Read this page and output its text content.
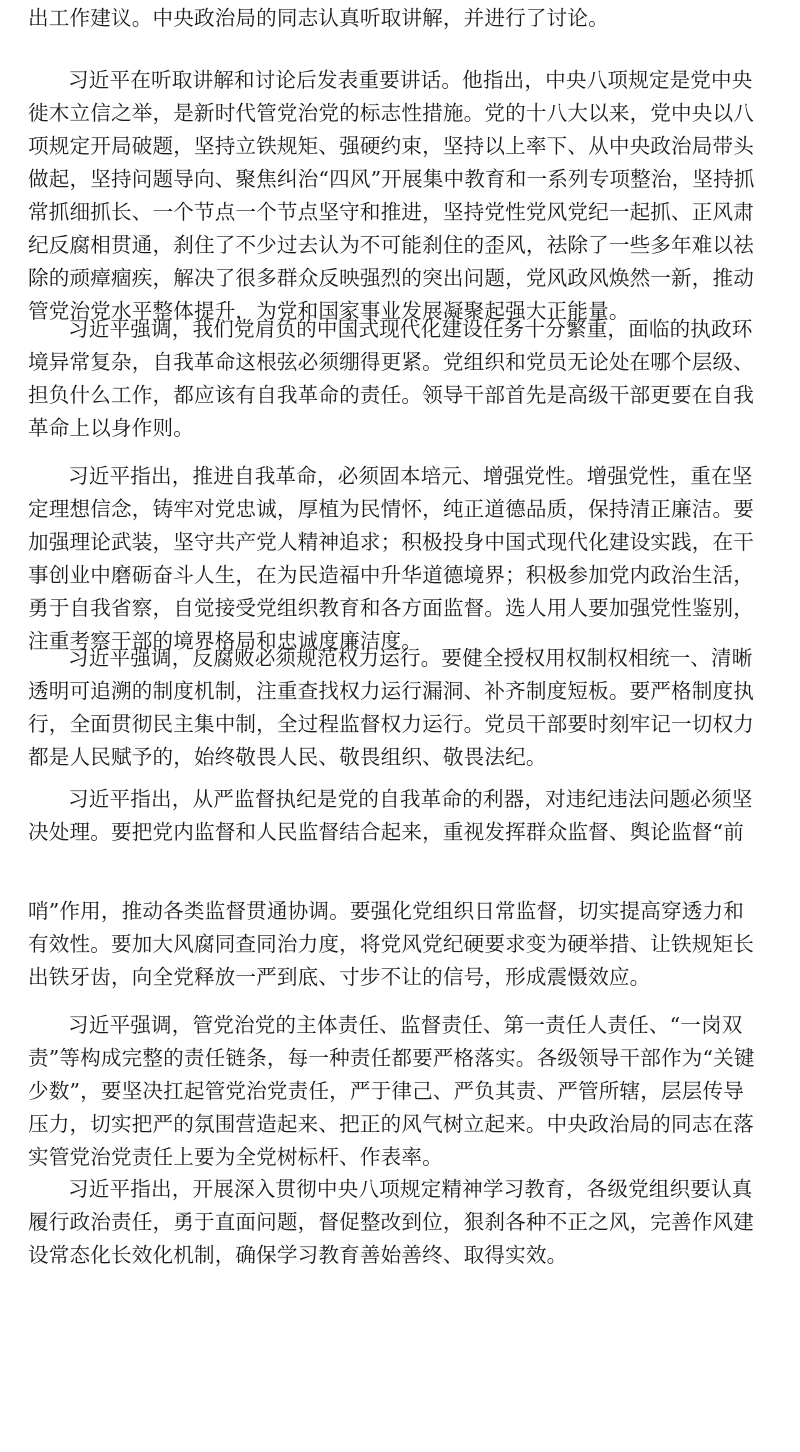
出工作建议。中央政治局的同志认真听取讲解，并进行了讨论。
习近平在听取讲解和讨论后发表重要讲话。他指出，中央八项规定是党中央
徙木立信之举，是新时代管党治党的标志性措施。党的十八大以来，党中央以八
项规定开局破题，坚持立铁规矩、强硬约束，坚持以上率下、从中央政治局带头
做起，坚持问题导向、聚焦纠治“四风”开展集中教育和一系列专项整治，坚持抓
常抓细抓长、一个节点一个节点坚守和推进，坚持党性党风党纪一起抓、正风肃
纪反腐相贯通，刹住了不少过去认为不可能刹住的歪风，祛除了一些多年难以祛
除的顽瘴痼疾，解决了很多群众反映强烈的突出问题，党风政风焕然一新，推动
管党治党水平整体提升，为党和国家事业发展凝聚起强大正能量。
习近平强调，我们党肩负的中国式现代化建设任务十分繁重，面临的执政环
境异常复杂，自我革命这根弦必须绷得更紧。党组织和党员无论处在哪个层级、
担负什么工作，都应该有自我革命的责任。领导干部首先是高级干部更要在自我
革命上以身作则。
习近平指出，推进自我革命，必须固本培元、增强党性。增强党性，重在坚
定理想信念，铸牢对党忠诚，厚植为民情怀，纯正道德品质，保持清正廉洁。要
加强理论武装，坚守共产党人精神追求；积极投身中国式现代化建设实践，在干
事创业中磨砺奋斗人生，在为民造福中升华道德境界；积极参加党内政治生活，
勇于自我省察，自觉接受党组织教育和各方面监督。选人用人要加强党性鉴别，
注重考察干部的境界格局和忠诚度廉洁度。
习近平强调，反腐败必须规范权力运行。要健全授权用权制权相统一、清晰
透明可追溯的制度机制，注重查找权力运行漏洞、补齐制度短板。要严格制度执
行，全面贯彻民主集中制，全过程监督权力运行。党员干部要时刻牢记一切权力
都是人民赋予的，始终敬畏人民、敬畏组织、敬畏法纪。
习近平指出，从严监督执纪是党的自我革命的利器，对违纪违法问题必须坚
决处理。要把党内监督和人民监督结合起来，重视发挥群众监督、舆论监督“前
哨”作用，推动各类监督贯通协调。要强化党组织日常监督，切实提高穿透力和
有效性。要加大风腐同查同治力度，将党风党纪硬要求变为硬举措、让铁规矩长
出铁牙齿，向全党释放一严到底、寸步不让的信号，形成震慑效应。
习近平强调，管党治党的主体责任、监督责任、第一责任人责任、“一岗双
责”等构成完整的责任链条，每一种责任都要严格落实。各级领导干部作为“关键
少数”，要坚决扛起管党治党责任，严于律己、严负其责、严管所辖，层层传导
压力，切实把严的氛围营造起来、把正的风气树立起来。中央政治局的同志在落
实管党治党责任上要为全党树标杆、作表率。
习近平指出，开展深入贯彻中央八项规定精神学习教育，各级党组织要认真
履行政治责任，勇于直面问题，督促整改到位，狠刹各种不正之风，完善作风建
设常态化长效化机制，确保学习教育善始善终、取得实效。
